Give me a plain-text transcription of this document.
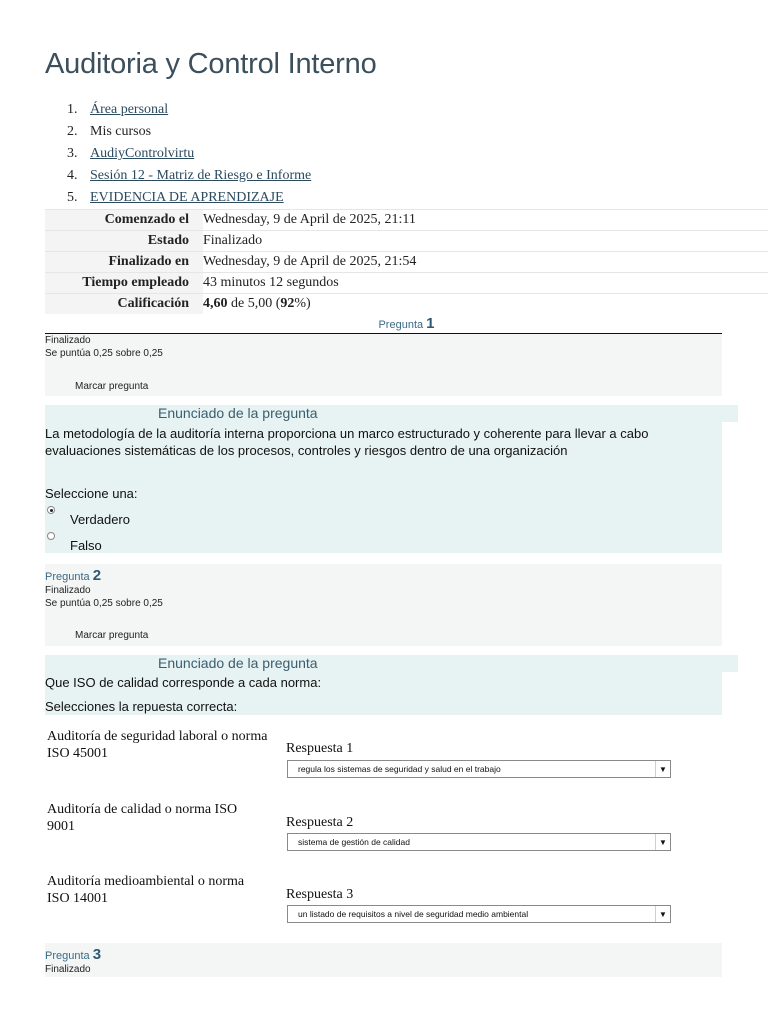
Auditoria y Control Interno
1. Área personal
2. Mis cursos
3. AudiyControlvirtu
4. Sesión 12 - Matriz de Riesgo e Informe
5. EVIDENCIA DE APRENDIZAJE
Comenzado el	Wednesday, 9 de April de 2025, 21:11
Estado	Finalizado
Finalizado en	Wednesday, 9 de April de 2025, 21:54
Tiempo empleado	43 minutos 12 segundos
Calificación	4,60 de 5,00 (92%)
Pregunta 1
Finalizado
Se puntúa 0,25 sobre 0,25
Marcar pregunta
Enunciado de la pregunta
La metodología de la auditoría interna proporciona un marco estructurado y coherente para llevar a cabo evaluaciones sistemáticas de los procesos, controles y riesgos dentro de una organización
Seleccione una:
Verdadero
Falso
Pregunta 2
Finalizado
Se puntúa 0,25 sobre 0,25
Marcar pregunta
Enunciado de la pregunta
Que ISO de calidad corresponde a cada norma:
Selecciones la repuesta correcta:
Auditoría de seguridad laboral o norma ISO 45001	Respuesta 1
regula los sistemas de seguridad y salud en el trabajo	▼
Auditoría de calidad o norma ISO 9001	Respuesta 2
sistema de gestión de calidad	▼
Auditoría medioambiental o norma ISO 14001	Respuesta 3
un listado de requisitos a nivel de seguridad medio ambiental	▼
Pregunta 3
Finalizado
